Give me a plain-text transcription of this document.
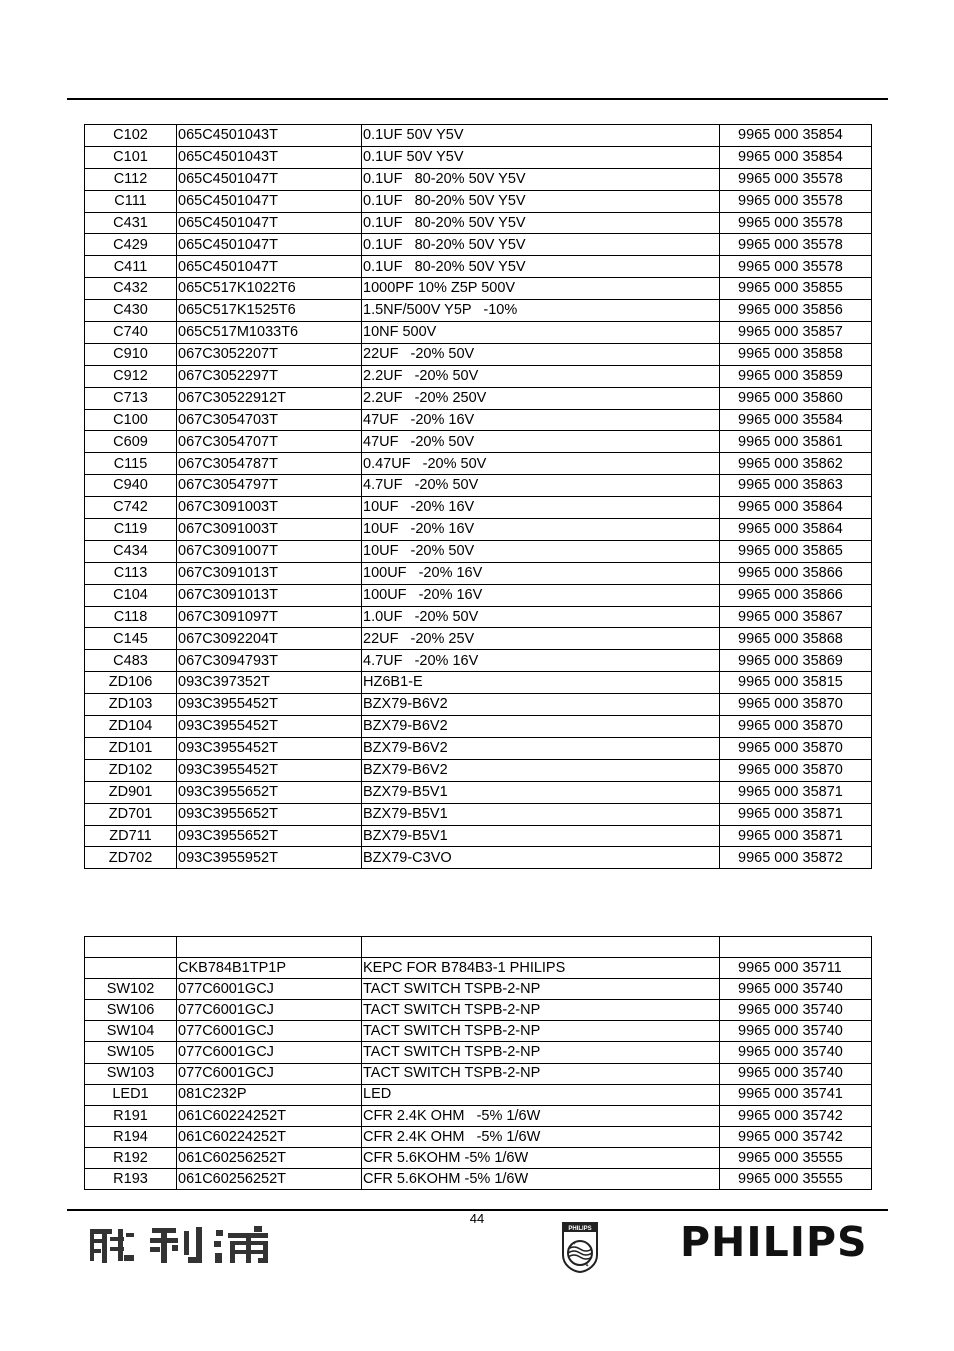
C102	065C4501043T	0.1UF 50V Y5V	9965 000 35854
C101	065C4501043T	0.1UF 50V Y5V	9965 000 35854
C112	065C4501047T	0.1UF   80-20% 50V Y5V	9965 000 35578
C111	065C4501047T	0.1UF   80-20% 50V Y5V	9965 000 35578
C431	065C4501047T	0.1UF   80-20% 50V Y5V	9965 000 35578
C429	065C4501047T	0.1UF   80-20% 50V Y5V	9965 000 35578
C411	065C4501047T	0.1UF   80-20% 50V Y5V	9965 000 35578
C432	065C517K1022T6	1000PF 10% Z5P 500V	9965 000 35855
C430	065C517K1525T6	1.5NF/500V Y5P   -10%	9965 000 35856
C740	065C517M1033T6	10NF 500V	9965 000 35857
C910	067C3052207T	22UF   -20% 50V	9965 000 35858
C912	067C3052297T	2.2UF   -20% 50V	9965 000 35859
C713	067C30522912T	2.2UF   -20% 250V	9965 000 35860
C100	067C3054703T	47UF   -20% 16V	9965 000 35584
C609	067C3054707T	47UF   -20% 50V	9965 000 35861
C115	067C3054787T	0.47UF   -20% 50V	9965 000 35862
C940	067C3054797T	4.7UF   -20% 50V	9965 000 35863
C742	067C3091003T	10UF   -20% 16V	9965 000 35864
C119	067C3091003T	10UF   -20% 16V	9965 000 35864
C434	067C3091007T	10UF   -20% 50V	9965 000 35865
C113	067C3091013T	100UF   -20% 16V	9965 000 35866
C104	067C3091013T	100UF   -20% 16V	9965 000 35866
C118	067C3091097T	1.0UF   -20% 50V	9965 000 35867
C145	067C3092204T	22UF   -20% 25V	9965 000 35868
C483	067C3094793T	4.7UF   -20% 16V	9965 000 35869
ZD106	093C397352T	HZ6B1-E	9965 000 35815
ZD103	093C3955452T	BZX79-B6V2	9965 000 35870
ZD104	093C3955452T	BZX79-B6V2	9965 000 35870
ZD101	093C3955452T	BZX79-B6V2	9965 000 35870
ZD102	093C3955452T	BZX79-B6V2	9965 000 35870
ZD901	093C3955652T	BZX79-B5V1	9965 000 35871
ZD701	093C3955652T	BZX79-B5V1	9965 000 35871
ZD711	093C3955652T	BZX79-B5V1	9965 000 35871
ZD702	093C3955952T	BZX79-C3VO	9965 000 35872

	CKB784B1TP1P	KEPC FOR B784B3-1 PHILIPS	9965 000 35711
SW102	077C6001GCJ	TACT SWITCH TSPB-2-NP	9965 000 35740
SW106	077C6001GCJ	TACT SWITCH TSPB-2-NP	9965 000 35740
SW104	077C6001GCJ	TACT SWITCH TSPB-2-NP	9965 000 35740
SW105	077C6001GCJ	TACT SWITCH TSPB-2-NP	9965 000 35740
SW103	077C6001GCJ	TACT SWITCH TSPB-2-NP	9965 000 35740
LED1	081C232P	LED	9965 000 35741
R191	061C60224252T	CFR 2.4K OHM   -5% 1/6W	9965 000 35742
R194	061C60224252T	CFR 2.4K OHM   -5% 1/6W	9965 000 35742
R192	061C60256252T	CFR 5.6KOHM -5% 1/6W	9965 000 35555
R193	061C60256252T	CFR 5.6KOHM -5% 1/6W	9965 000 35555
44
PHILIPS
✦
✦ PHILIPS
